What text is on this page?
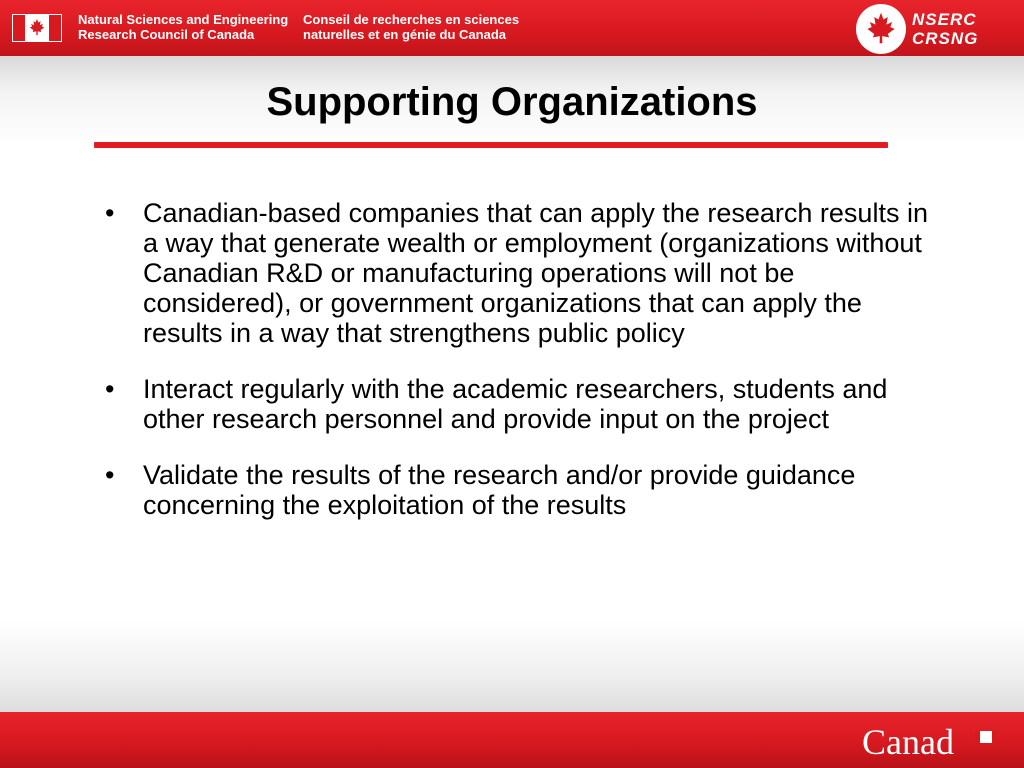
Natural Sciences and Engineering
Research Council of Canada
Conseil de recherches en sciences
naturelles et en génie du Canada
NSERC
CRSNG
Supporting Organizations
• Canadian-based companies that can apply the research results in a way that generate wealth or employment (organizations without Canadian R&D or manufacturing operations will not be considered), or government organizations that can apply the results in a way that strengthens public policy
• Interact regularly with the academic researchers, students and other research personnel and provide input on the project
• Validate the results of the research and/or provide guidance concerning the exploitation of the results
Canad
